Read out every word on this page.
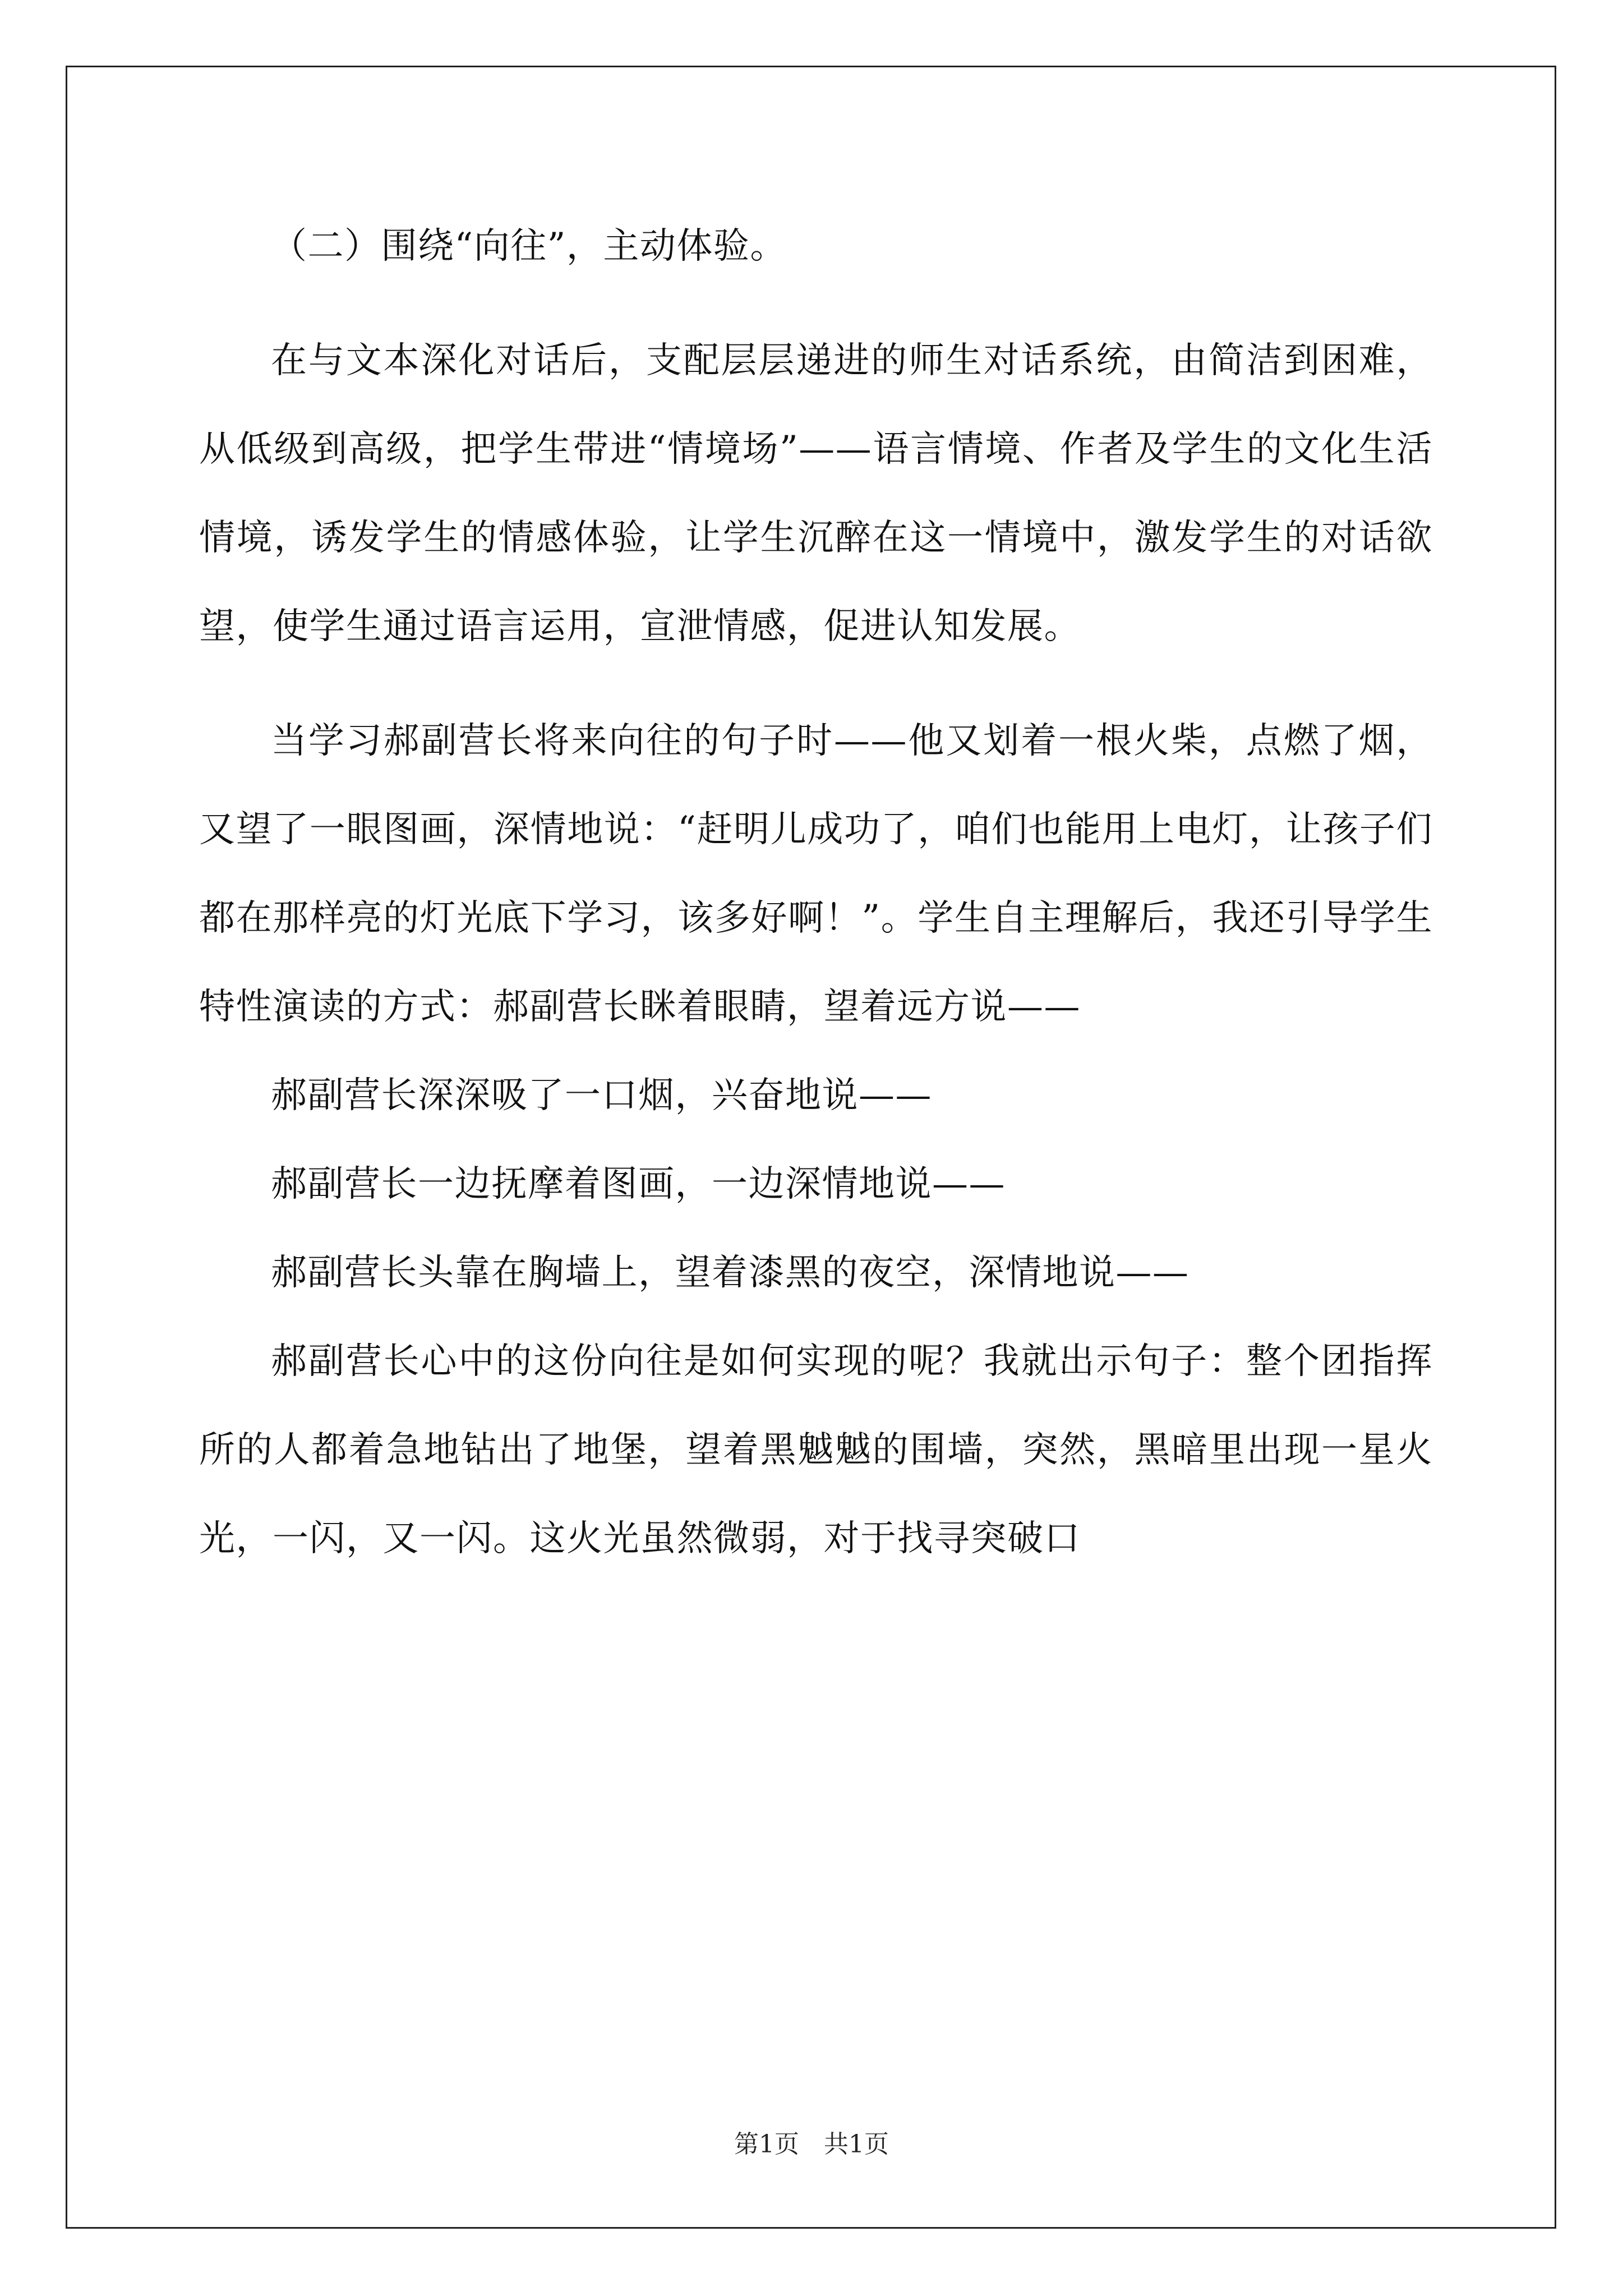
（二）围绕“向往”，主动体验。

在与文本深化对话后，支配层层递进的师生对话系统，由简洁到困难，从低级到高级，把学生带进“情境场”——语言情境、作者及学生的文化生活情境，诱发学生的情感体验，让学生沉醉在这一情境中，激发学生的对话欲望，使学生通过语言运用，宣泄情感，促进认知发展。

当学习郝副营长将来向往的句子时——他又划着一根火柴，点燃了烟，又望了一眼图画，深情地说：“赶明儿成功了，咱们也能用上电灯，让孩子们都在那样亮的灯光底下学习，该多好啊！”。学生自主理解后，我还引导学生特性演读的方式：郝副营长眯着眼睛，望着远方说——

郝副营长深深吸了一口烟，兴奋地说——

郝副营长一边抚摩着图画，一边深情地说——

郝副营长头靠在胸墙上，望着漆黑的夜空，深情地说——

郝副营长心中的这份向往是如何实现的呢？我就出示句子：整个团指挥所的人都着急地钻出了地堡，望着黑魆魆的围墙，突然，黑暗里出现一星火光，一闪，又一闪。这火光虽然微弱，对于找寻突破口

第1页　共1页
